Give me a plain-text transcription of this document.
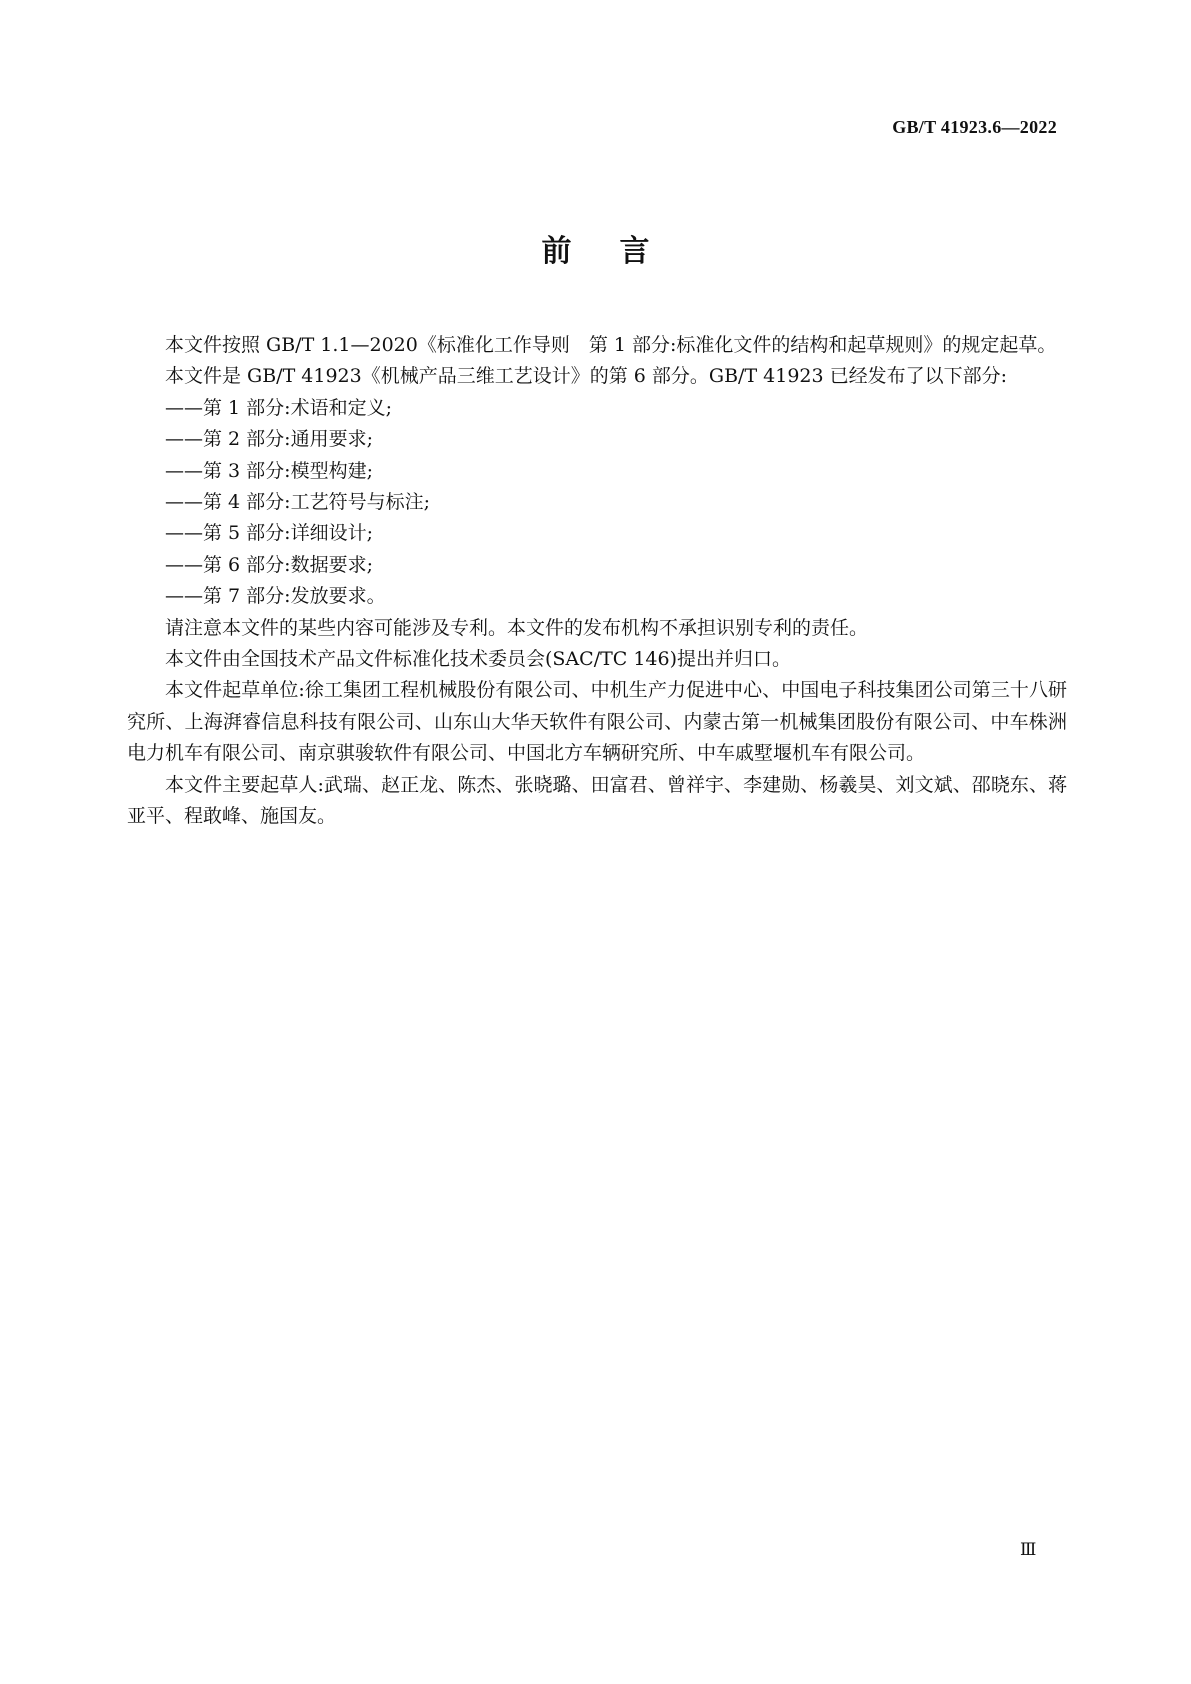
GB/T 41923.6—2022
前言

本文件按照 GB/T 1.1—2020《标准化工作导则　第 1 部分:标准化文件的结构和起草规则》的规定起草。

本文件是 GB/T 41923《机械产品三维工艺设计》的第 6 部分。GB/T 41923 已经发布了以下部分:

——第 1 部分:术语和定义;

——第 2 部分:通用要求;

——第 3 部分:模型构建;

——第 4 部分:工艺符号与标注;

——第 5 部分:详细设计;

——第 6 部分:数据要求;

——第 7 部分:发放要求。

请注意本文件的某些内容可能涉及专利。本文件的发布机构不承担识别专利的责任。

本文件由全国技术产品文件标准化技术委员会(SAC/TC 146)提出并归口。

本文件起草单位:徐工集团工程机械股份有限公司、中机生产力促进中心、中国电子科技集团公司第三十八研究所、上海湃睿信息科技有限公司、山东山大华天软件有限公司、内蒙古第一机械集团股份有限公司、中车株洲电力机车有限公司、南京骐骏软件有限公司、中国北方车辆研究所、中车戚墅堰机车有限公司。

本文件主要起草人:武瑞、赵正龙、陈杰、张晓璐、田富君、曾祥宇、李建勋、杨羲昊、刘文斌、邵晓东、蒋亚平、程敢峰、施国友。

Ⅲ
